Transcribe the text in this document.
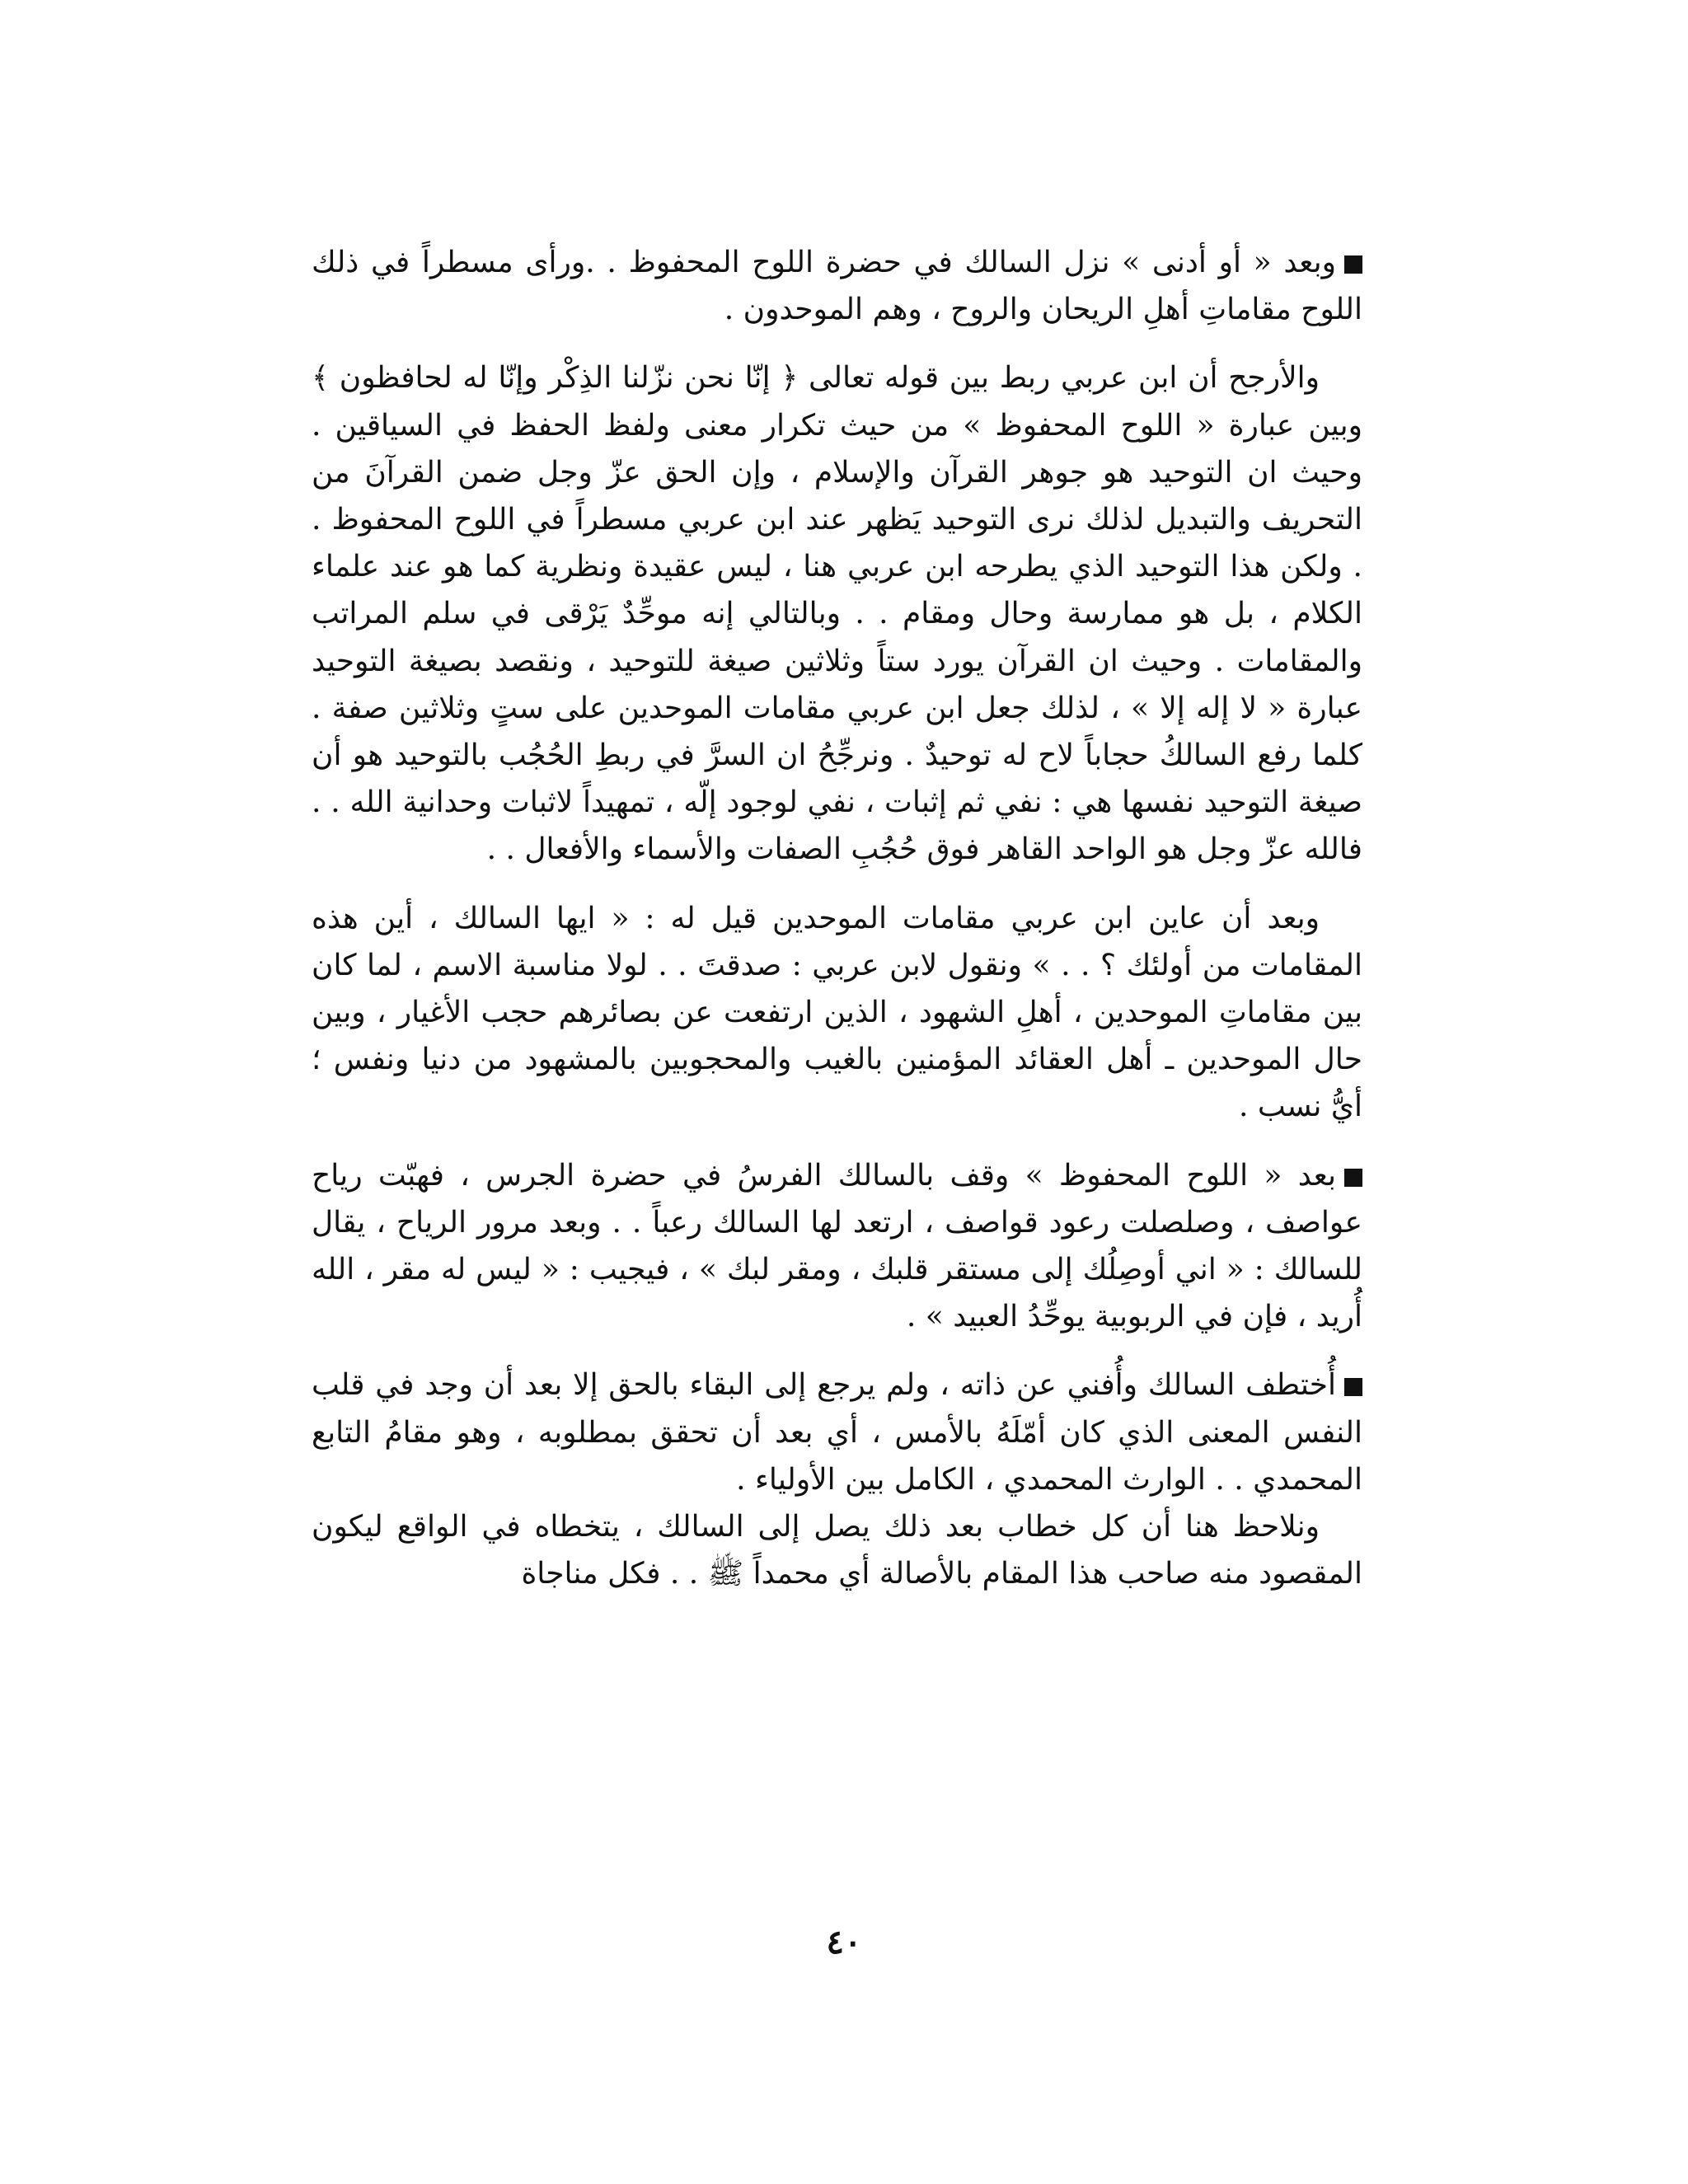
وبعد « أو أدنى » نزل السالك في حضرة اللوح المحفوظ . .ورأى مسطراً في ذلك اللوح مقاماتِ أهلِ الريحان والروح ، وهم الموحدون .

والأرجح أن ابن عربي ربط بين قوله تعالى ﴿ إنّا نحن نزّلنا الذِكْر وإنّا له لحافظون ﴾ وبين عبارة « اللوح المحفوظ » من حيث تكرار معنى ولفظ الحفظ في السياقين . وحيث ان التوحيد هو جوهر القرآن والإسلام ، وإن الحق عزّ وجل ضمن القرآنَ من التحريف والتبديل لذلك نرى التوحيد يَظهر عند ابن عربي مسطراً في اللوح المحفوظ . . ولكن هذا التوحيد الذي يطرحه ابن عربي هنا ، ليس عقيدة ونظرية كما هو عند علماء الكلام ، بل هو ممارسة وحال ومقام . . وبالتالي إنه موحِّدٌ يَرْقى في سلم المراتب والمقامات . وحيث ان القرآن يورد ستاً وثلاثين صيغة للتوحيد ، ونقصد بصيغة التوحيد عبارة « لا إله إلا » ، لذلك جعل ابن عربي مقامات الموحدين على ستٍ وثلاثين صفة . كلما رفع السالكُ حجاباً لاح له توحيدٌ . ونرجِّحُ ان السرَّ في ربطِ الحُجُب بالتوحيد هو أن صيغة التوحيد نفسها هي : نفي ثم إثبات ، نفي لوجود إلّه ، تمهيداً لاثبات وحدانية الله . . فالله عزّ وجل هو الواحد القاهر فوق حُجُبِ الصفات والأسماء والأفعال . .

وبعد أن عاين ابن عربي مقامات الموحدين قيل له : « ايها السالك ، أين هذه المقامات من أولئك ؟ . . » ونقول لابن عربي : صدقتَ . . لولا مناسبة الاسم ، لما كان بين مقاماتِ الموحدين ، أهلِ الشهود ، الذين ارتفعت عن بصائرهم حجب الأغيار ، وبين حال الموحدين ـ أهل العقائد المؤمنين بالغيب والمحجوبين بالمشهود من دنيا ونفس ؛ أيُّ نسب .

بعد « اللوح المحفوظ » وقف بالسالك الفرسُ في حضرة الجرس ، فهبّت رياح عواصف ، وصلصلت رعود قواصف ، ارتعد لها السالك رعباً . . وبعد مرور الرياح ، يقال للسالك : « اني أوصِلُك إلى مستقر قلبك ، ومقر لبك » ، فيجيب : « ليس له مقر ، الله أُريد ، فإن في الربوبية يوحِّدُ العبيد » .

أُختطف السالك وأُفني عن ذاته ، ولم يرجع إلى البقاء بالحق إلا بعد أن وجد في قلب النفس المعنى الذي كان أمّلَهُ بالأمس ، أي بعد أن تحقق بمطلوبه ، وهو مقامُ التابع المحمدي . . الوارث المحمدي ، الكامل بين الأولياء .

ونلاحظ هنا أن كل خطاب بعد ذلك يصل إلى السالك ، يتخطاه في الواقع ليكون المقصود منه صاحب هذا المقام بالأصالة أي محمداً ﷺ . . فكل مناجاة

٤٠
